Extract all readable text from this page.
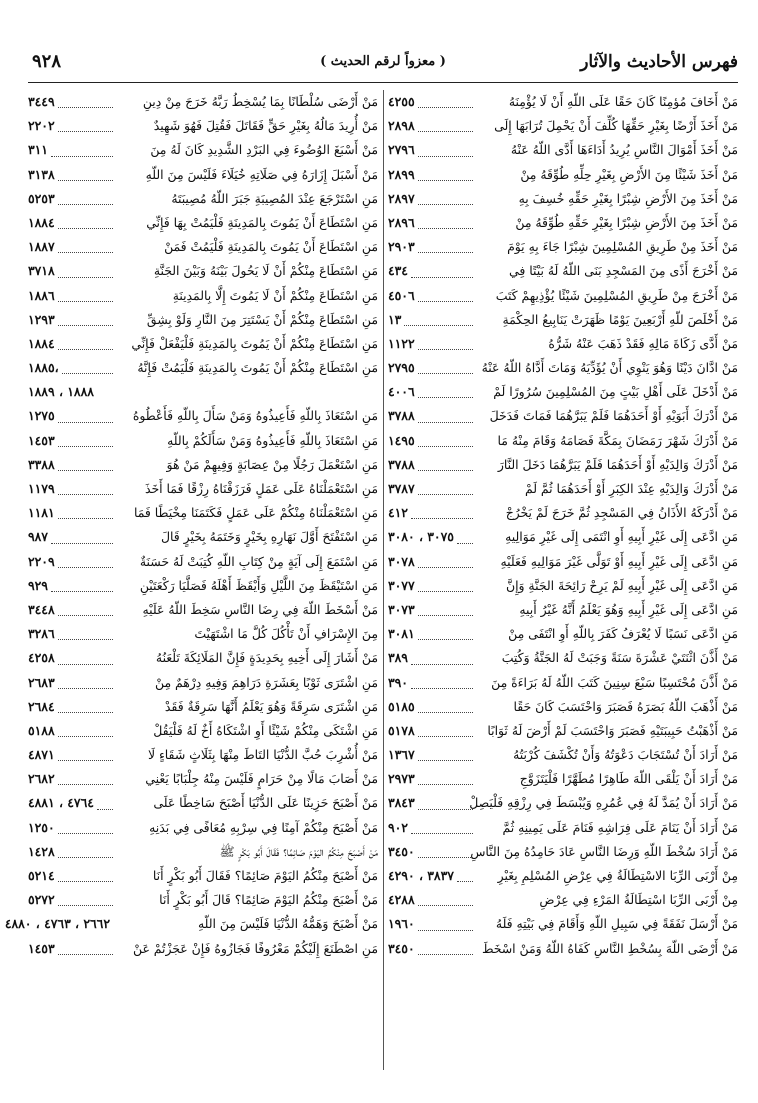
فهرس الأحاديث والآثار
( معزواً لرقم الحديث )
٩٢٨
مَنْ أَخَافَ مُؤمِنًا كَانَ حَقًا عَلَى اللّهِ أَنْ لَا يُؤْمِنَهُ
٤٢٥٥
مَنْ أَخَذَ أَرْضًا بِغَيْرِ حَقِّهَا كُلِّفَ أَنْ يَحْمِلَ تُرَابَهَا إِلَى
٢٨٩٨
مَنْ أَخَذَ أَمْوَالَ النَّاسِ يُرِيدُ أَدَاءَهَا أَدَّى اللّهُ عَنْهُ
٢٧٩٦
مَنْ أَخَذَ شَيْئًا مِنَ الأَرْضِ بِغَيْرِ حِلِّهِ طُوِّقَهُ مِنْ
٢٨٩٩
مَنْ أَخَذَ مِنَ الأَرْضِ شِبْرًا بِغَيْرِ حَقِّهِ خُسِفَ بِهِ
٢٨٩٧
مَنْ أَخَذَ مِنَ الأَرْضِ شِبْرًا بِغَيْرِ حَقِّهِ طُوِّقَهُ مِنْ
٢٨٩٦
مَنْ أَخَذَ مِنْ طَرِيقِ المُسْلِمِينَ شِبْرًا جَاءَ بِهِ يَوْمَ
٢٩٠٣
مَنْ أَخْرَجَ أَذًى مِنَ المَسْجِدِ بَنَى اللّهُ لَهُ بَيْتًا فِي
٤٣٤
مَنْ أَخْرَجَ مِنْ طَرِيقِ المُسْلِمِينَ شَيْئًا يُؤْذِيهِمْ كَتَبَ
٤٥٠٦
مَنْ أَخْلَصَ للّهِ أَرْبَعِينَ يَوْمًا ظَهَرَتْ يَنَابِيعُ الحِكْمَةِ
١٣
مَنْ أَدَّى زَكَاةَ مَالِهِ فَقَدْ ذَهَبَ عَنْهُ شَرُّهُ
١١٢٢
مَنْ ادَّانَ دَيْنًا وَهُوَ يَنْوِي أَنْ يُؤَدِّيَهُ وَمَاتَ أَدَّاهُ اللّهُ عَنْهُ
٢٧٩٥
مَنْ أَدْخَلَ عَلَى أَهْلِ بَيْتٍ مِنَ المُسْلِمِينَ سُرُورًا لَمْ
٤٠٠٦
مَنْ أَدْرَكَ أَبَوَيْهِ أَوْ أَحَدَهُمَا فَلَمْ يَبَرَّهُمَا فَمَاتَ فَدَخَلَ
٣٧٨٨
مَنْ أَدْرَكَ شَهْرَ رَمَضَانَ بِمَكَّةَ فَصَامَهُ وَقَامَ مِنْهُ مَا
١٤٩٥
مَنْ أَدْرَكَ وَالِدَيْهِ أَوْ أَحَدَهُمَا فَلَمْ يَبَرَّهُمَا دَخَلَ النَّارَ
٣٧٨٨
مَنْ أَدْرَكَ وَالِدَيْهِ عِنْدَ الكِبَرِ أَوْ أَحَدَهُمَا ثُمَّ لَمْ
٣٧٨٧
مَنْ أَدْرَكَهُ الأَذَانُ فِي المَسْجِدِ ثُمَّ خَرَجَ لَمْ يَخْرُجْ
٤١٢
مَنِ ادَّعَى إِلَى غَيْرِ أَبِيهِ أَوِ انْتَمَى إِلَى غَيْرِ مَوَالِيهِ
٣٠٧٥ ، ٣٠٨٠
مَنِ ادَّعَى إِلَى غَيْرِ أَبِيهِ أَوْ تَوَلَّى غَيْرَ مَوَالِيهِ فَعَلَيْهِ
٣٠٧٨
مَنِ ادَّعَى إِلَى غَيْرِ أَبِيهِ لَمْ يَرِحْ رَائِحَةَ الجَنَّةِ وَإِنَّ
٣٠٧٧
مَنِ ادَّعَى إِلَى غَيْرِ أَبِيهِ وَهُوَ يَعْلَمُ أَنَّهُ غَيْرُ أَبِيهِ
٣٠٧٣
مَنِ ادَّعَى نَسَبًا لَا يُعْرَفُ كَفَرَ بِاللّهِ أَوِ انْتَفَى مِنْ
٣٠٨١
مَنْ أَذَّنَ اثْنَتَيْ عَشْرَةَ سَنَةً وَجَبَتْ لَهُ الجَنَّةُ وَكُتِبَ
٣٨٩
مَنْ أَذَّنَ مُحْتَسِبًا سَبْعَ سِنِينَ كَتَبَ اللّهُ لَهُ بَرَاءَةً مِنَ
٣٩٠
مَنْ أَذْهَبَ اللّهُ بَصَرَهُ فَصَبَرَ وَاحْتَسَبَ كَانَ حَقًا
٥١٨٥
مَنْ أَذْهَبْتُ حَبِيبَتَيْهِ فَصَبَرَ وَاحْتَسَبَ لَمْ أَرْضَ لَهُ ثَوَابًا
٥١٧٨
مَنْ أَرَادَ أَنْ تُسْتَجَابَ دَعْوَتُهُ وَأَنْ تُكْشَفَ كُرْبَتُهُ
١٣٦٧
مَنْ أَرَادَ أَنْ يَلْقَى اللّهَ طَاهِرًا مُطَهَّرًا فَلْيَتَزَوَّجِ
٢٩٧٣
مَنْ أَرَادَ أَنْ يُمَدَّ لَهُ فِي عُمُرِهِ وَيُبْسَطَ فِي رِزْقِهِ فَلْيَصِلْ
٣٨٤٣
مَنْ أَرَادَ أَنْ يَنَامَ عَلَى فِرَاشِهِ فَنَامَ عَلَى يَمِينِهِ ثُمَّ
٩٠٢
مَنْ أَرَادَ سُخْطَ اللّهِ وَرِضَا النَّاسِ عَادَ حَامِدُهُ مِنَ النَّاسِ
٣٤٥٠
مِنْ أَرْبَى الرِّبَا الاسْتِطَالَةُ فِي عِرْضِ المُسْلِمِ بِغَيْرِ
٣٨٣٧ ، ٤٢٩٠
مِنْ أَرْبَى الرِّبَا اسْتِطَالَةُ المَرْءِ فِي عِرْضِ
٤٢٨٨
مَنْ أَرْسَلَ نَفَقَةً فِي سَبِيلِ اللّهِ وَأَقَامَ فِي بَيْتِهِ فَلَهُ
١٩٦٠
مَنْ أَرْضَى اللّهَ بِسُخْطِ النَّاسِ كَفَاهُ اللّهُ وَمَنْ اسْخَطَ
٣٤٥٠
مَنْ أَرْضَى سُلْطَانًا بِمَا يُسْخِطُ رَبَّهُ خَرَجَ مِنْ دِينِ
٣٤٤٩
مَنْ أُرِيدَ مَالُهُ بِغَيْرِ حَقٍّ فَقَاتَلَ فَقُتِلَ فَهُوَ شَهِيدٌ
٢٢٠٢
مَنْ أَسْبَغَ الوُضُوءَ فِي البَرْدِ الشَّدِيدِ كَانَ لَهُ مِنَ
٣١١
مَنْ أَسْبَلَ إِزَارَهُ فِي صَلَاتِهِ خُيَلَاءَ فَلَيْسَ مِنَ اللّهِ
٣١٣٨
مَنِ اسْتَرْجَعَ عِنْدَ المُصِيبَةِ جَبَرَ اللّهُ مُصِيبَتَهُ
٥٢٥٣
مَنِ اسْتَطَاعَ أَنْ يَمُوتَ بِالمَدِينَةِ فَلْيَمُتْ بِهَا فَإِنِّي
١٨٨٤
مَنِ اسْتَطَاعَ أَنْ يَمُوتَ بِالمَدِينَةِ فَلْيَمُتْ فَمَنْ
١٨٨٧
مَنِ اسْتَطَاعَ مِنْكُمْ أَنْ لَا يَحُولَ بَيْنَهُ وَبَيْنَ الجَنَّةِ
٣٧١٨
مَنِ اسْتَطَاعَ مِنْكُمْ أَنْ لَا يَمُوتَ إِلَّا بِالمَدِينَةِ
١٨٨٦
مَنِ اسْتَطَاعَ مِنْكُمْ أَنْ يَسْتَتِرَ مِنَ النَّارِ وَلَوْ بِشِقِّ
١٢٩٣
مَنِ اسْتَطَاعَ مِنْكُمْ أَنْ يَمُوتَ بِالمَدِينَةِ فَلْيَفْعَلْ فَإِنِّي
١٨٨٤
مَنِ اسْتَطَاعَ مِنْكُمْ أَنْ يَمُوتَ بِالمَدِينَةِ فَلْيَمُتْ فَإِنَّهُ
،١٨٨٥
١٨٨٨ ، ١٨٨٩
مَنِ اسْتَعَاذَ بِاللّهِ فَأَعِيذُوهُ وَمَنْ سَأَلَ بِاللّهِ فَأَعْطُوهُ
١٢٧٥
مَنِ اسْتَعَاذَ بِاللّهِ فَأَعِيذُوهُ وَمَنْ سَأَلَكُمْ بِاللّهِ
١٤٥٣
مَنِ اسْتَعْمَلَ رَجُلًا مِنْ عِصَابَةٍ وَفِيهِمْ مَنْ هُوَ
٣٣٨٨
مَنِ اسْتَعْمَلْنَاهُ عَلَى عَمَلٍ فَرَزَقْنَاهُ رِزْقًا فَمَا أَخَذَ
١١٧٩
مَنِ اسْتَعْمَلْنَاهُ مِنْكُمْ عَلَى عَمَلٍ فَكَتَمَنَا مِخْيَطًا فَمَا
١١٨١
مَنِ اسْتَفْتَحَ أَوَّلَ نَهَارِهِ بِخَيْرٍ وَخَتَمَهُ بِخَيْرٍ قَالَ
٩٨٧
مَنِ اسْتَمَعَ إِلَى آيَةٍ مِنْ كِتَابِ اللّهِ كُتِبَتْ لَهُ حَسَنَةٌ
٢٢٠٩
مَنِ اسْتَيْقَظَ مِنَ اللَّيْلِ وَأَيْقَظَ أَهْلَهُ فَصَلَّيَا رَكْعَتَيْنِ
٩٢٩
مَنْ أَسْخَطَ اللّهَ فِي رِضَا النَّاسِ سَخِطَ اللّهُ عَلَيْهِ
٣٤٤٨
مِنَ الإِسْرَافِ أَنْ تَأْكُلَ كُلَّ مَا اشْتَهَيْتَ
٣٢٨٦
مَنْ أَشَارَ إِلَى أَخِيهِ بِحَدِيدَةٍ فَإِنَّ المَلَائِكَةَ تَلْعَنُهُ
٤٢٥٨
مَنِ اشْتَرَى ثَوْبًا بِعَشَرَةِ دَرَاهِمَ وَفِيهِ دِرْهَمٌ مِنْ
٢٦٨٣
مَنِ اشْتَرَى سَرِقَةً وَهُوَ يَعْلَمُ أَنَّهَا سَرِقَةٌ فَقَدْ
٢٦٨٤
مَنِ اشْتَكَى مِنْكُمْ شَيْئًا أَوِ اشْتَكَاهُ أَخٌ لَهُ فَلْيَقُلْ
٥١٨٨
مَنْ أُشْرِبَ حُبَّ الدُّنْيَا التَاطَ مِنْهَا بِثَلَاثٍ شَقَاءٍ لَا
٤٨٧١
مَنْ أَصَابَ مَالًا مِنْ حَرَامٍ فَلَيْسَ مِنْهُ جِلْبَابًا يَعْنِي
٢٦٨٢
مَنْ أَصْبَحَ حَزِينًا عَلَى الدُّنْيَا أَصْبَحَ سَاخِطًا عَلَى
٤٧٦٤ ، ٤٨٨١
مَنْ أَصْبَحَ مِنْكُمْ آمِنًا فِي سِرْبِهِ مُعَافًى فِي بَدَنِهِ
١٢٥٠
مَنْ أَصْبَحَ مِنْكُمُ اليَوْمَ صَائِمًا؟ فَقَالَ أَبُو بَكْرٍ ﷺ
١٤٢٨
مَنْ أَصْبَحَ مِنْكُمُ اليَوْمَ صَائِمًا؟ فَقَالَ أَبُو بَكْرٍ أَنَا
٥٢١٤
مَنْ أَصْبَحَ مِنْكُمُ اليَوْمَ صَائِمًا؟ قَالَ أَبُو بَكْرٍ أَنَا
٥٢٧٢
مَنْ أَصْبَحَ وَهَمُّهُ الدُّنْيَا فَلَيْسَ مِنَ اللّهِ
٢٦٦٢ ، ٤٧٦٣ ، ٤٨٨٠
مَنِ اصْطَنَعَ إِلَيْكُمْ مَعْرُوفًا فَجَازُوهُ فَإِنْ عَجَزْتُمْ عَنْ
١٤٥٣
